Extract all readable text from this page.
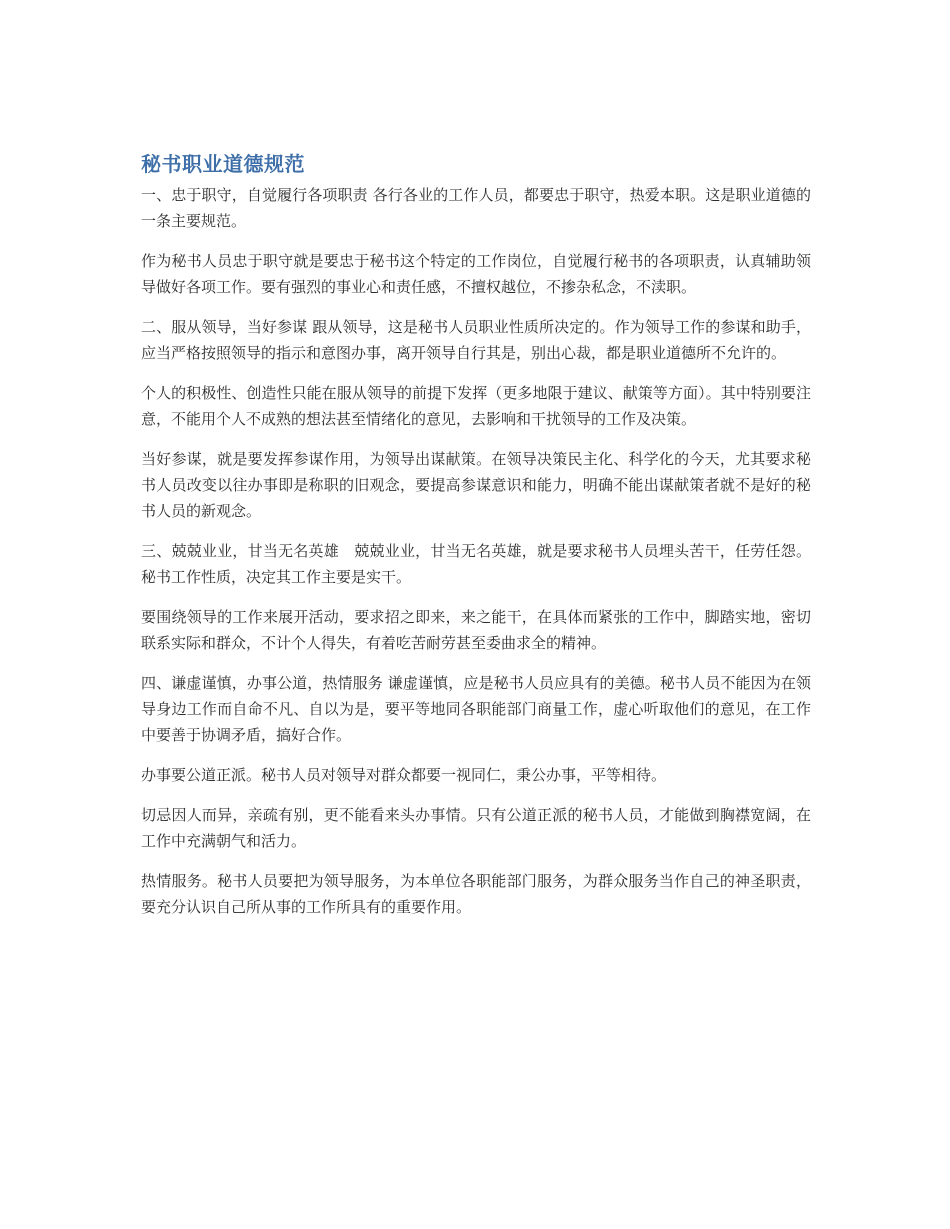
秘书职业道德规范

一、忠于职守，自觉履行各项职责 各行各业的工作人员，都要忠于职守，热爱本职。这是职业道德的一条主要规范。

作为秘书人员忠于职守就是要忠于秘书这个特定的工作岗位，自觉履行秘书的各项职责，认真辅助领导做好各项工作。要有强烈的事业心和责任感，不擅权越位，不掺杂私念，不渎职。

二、服从领导，当好参谋 跟从领导，这是秘书人员职业性质所决定的。作为领导工作的参谋和助手，应当严格按照领导的指示和意图办事，离开领导自行其是，别出心裁，都是职业道德所不允许的。

个人的积极性、创造性只能在服从领导的前提下发挥（更多地限于建议、献策等方面）。其中特别要注意，不能用个人不成熟的想法甚至情绪化的意见，去影响和干扰领导的工作及决策。

当好参谋，就是要发挥参谋作用，为领导出谋献策。在领导决策民主化、科学化的今天，尤其要求秘书人员改变以往办事即是称职的旧观念，要提高参谋意识和能力，明确不能出谋献策者就不是好的秘书人员的新观念。

三、兢兢业业，甘当无名英雄　兢兢业业，甘当无名英雄，就是要求秘书人员埋头苦干，任劳任怨。秘书工作性质，决定其工作主要是实干。

要围绕领导的工作来展开活动，要求招之即来，来之能干，在具体而紧张的工作中，脚踏实地，密切联系实际和群众，不计个人得失，有着吃苦耐劳甚至委曲求全的精神。

四、谦虚谨慎，办事公道，热情服务 谦虚谨慎，应是秘书人员应具有的美德。秘书人员不能因为在领导身边工作而自命不凡、自以为是，要平等地同各职能部门商量工作，虚心听取他们的意见，在工作中要善于协调矛盾，搞好合作。

办事要公道正派。秘书人员对领导对群众都要一视同仁，秉公办事，平等相待。

切忌因人而异，亲疏有别，更不能看来头办事情。只有公道正派的秘书人员，才能做到胸襟宽阔，在工作中充满朝气和活力。

热情服务。秘书人员要把为领导服务，为本单位各职能部门服务，为群众服务当作自己的神圣职责，要充分认识自己所从事的工作所具有的重要作用。
